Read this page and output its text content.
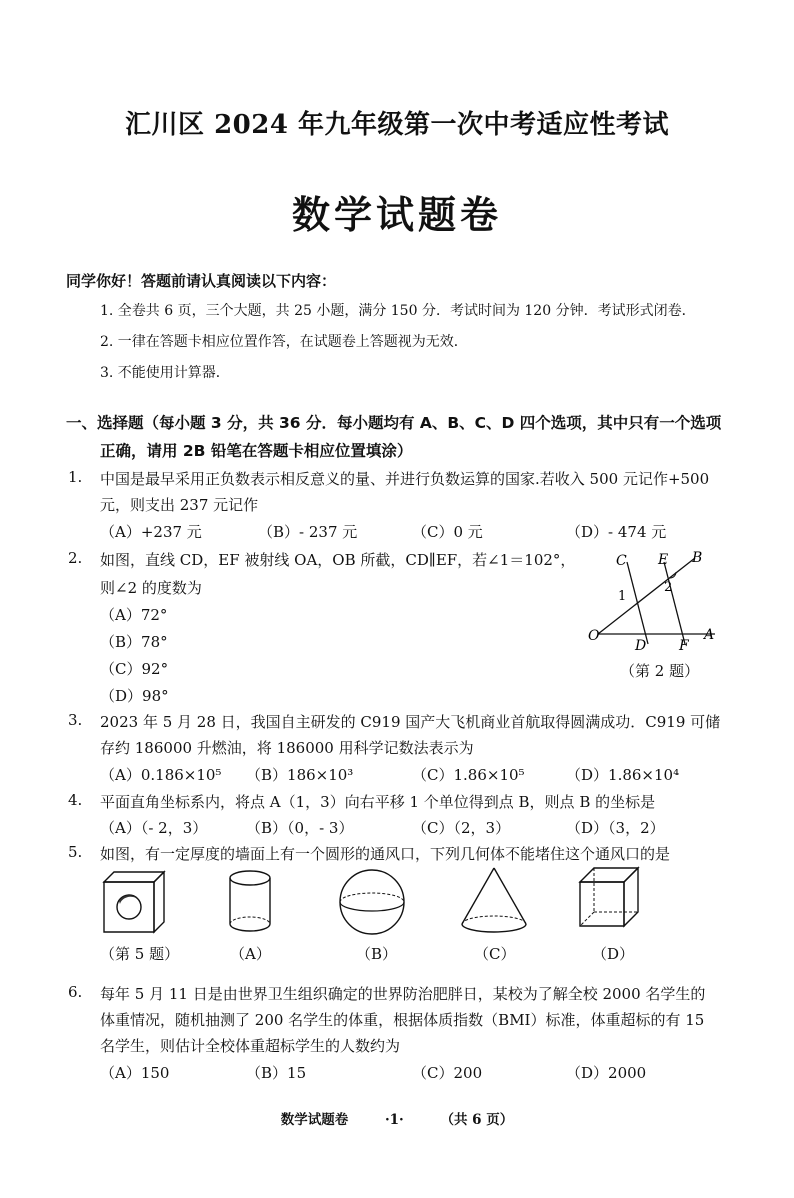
汇川区 2024 年九年级第一次中考适应性考试
数学试题卷
同学你好！答题前请认真阅读以下内容：
1. 全卷共 6 页，三个大题，共 25 小题，满分 150 分．考试时间为 120 分钟．考试形式闭卷．
2. 一律在答题卡相应位置作答，在试题卷上答题视为无效．
3. 不能使用计算器．
一、选择题（每小题 3 分，共 36 分．每小题均有 A、B、C、D 四个选项，其中只有一个选项
正确，请用 2B 铅笔在答题卡相应位置填涂）
1. 中国是最早采用正负数表示相反意义的量、并进行负数运算的国家.若收入 500 元记作+500
元，则支出 237 元记作
（A）+237 元	（B）- 237 元	（C）0 元	（D）- 474 元
2. 如图，直线 CD，EF 被射线 OA，OB 所截，CD∥EF，若∠1＝102°，
则∠2 的度数为
（A）72°
（B）78°
（C）92°
（D）98°
C E B
1
2
O
D F
A
（第 2 题）
3. 2023 年 5 月 28 日，我国自主研发的 C919 国产大飞机商业首航取得圆满成功．C919 可储
存约 186000 升燃油，将 186000 用科学记数法表示为
（A）0.186×10⁵ （B）186×10³	（C）1.86×10⁵	（D）1.86×10⁴
4. 平面直角坐标系内，将点 A（1，3）向右平移 1 个单位得到点 B，则点 B 的坐标是
（A）（- 2，3）	（B）（0，- 3）	（C）（2，3）	（D）（3，2）
5. 如图，有一定厚度的墙面上有一个圆形的通风口，下列几何体不能堵住这个通风口的是
（第 5 题）	（A）	（B）	（C）	（D）
6. 每年 5 月 11 日是由世界卫生组织确定的世界防治肥胖日，某校为了解全校 2000 名学生的
体重情况，随机抽测了 200 名学生的体重，根据体质指数（BMI）标准，体重超标的有 15
名学生，则估计全校体重超标学生的人数约为
（A）150	（B）15	（C）200	（D）2000
数学试题卷	·1·	（共 6 页）
